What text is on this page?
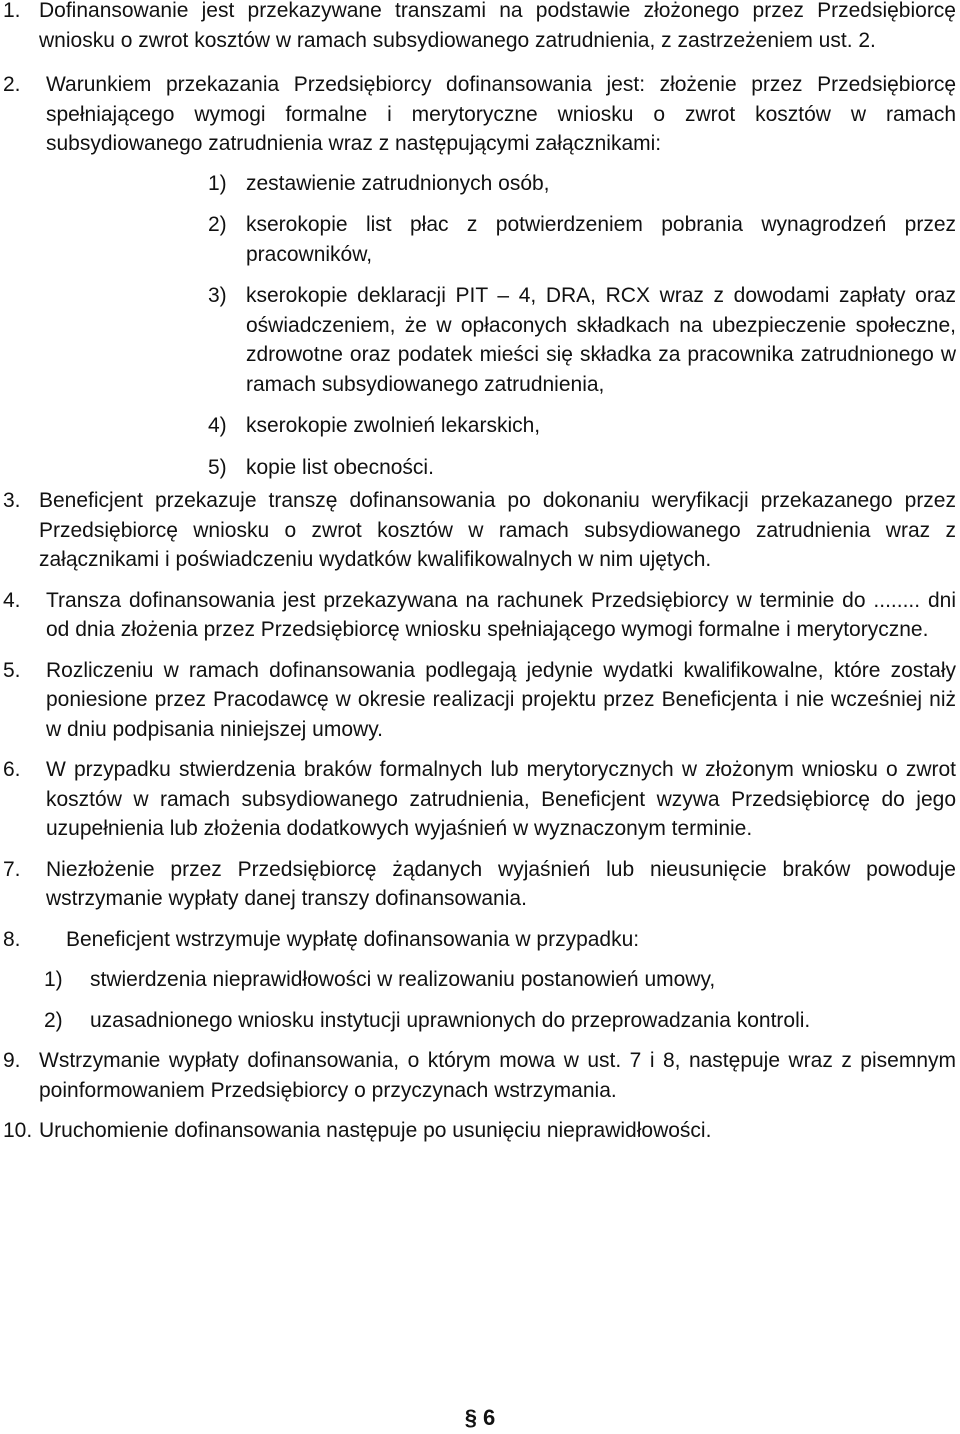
1. Dofinansowanie jest przekazywane transzami na podstawie złożonego przez Przedsiębiorcę wniosku o zwrot kosztów w ramach subsydiowanego zatrudnienia, z zastrzeżeniem ust. 2.
2.	Warunkiem przekazania Przedsiębiorcy dofinansowania jest: złożenie przez Przedsiębiorcę spełniającego wymogi formalne i merytoryczne wniosku o zwrot kosztów w ramach subsydiowanego zatrudnienia wraz z następującymi załącznikami:
1) zestawienie zatrudnionych osób,
2) kserokopie list płac z potwierdzeniem pobrania wynagrodzeń przez pracowników,
3) kserokopie deklaracji PIT – 4, DRA, RCX wraz z dowodami zapłaty oraz oświadczeniem, że w opłaconych składkach na ubezpieczenie społeczne, zdrowotne oraz podatek mieści się składka za pracownika zatrudnionego w ramach subsydiowanego zatrudnienia,
4) kserokopie zwolnień lekarskich,
5) kopie list obecności.
3. Beneficjent przekazuje transzę dofinansowania po dokonaniu weryfikacji przekazanego przez Przedsiębiorcę wniosku o zwrot kosztów w ramach subsydiowanego zatrudnienia wraz z załącznikami i poświadczeniu wydatków kwalifikowalnych w nim ujętych.
4.	Transza dofinansowania jest przekazywana na rachunek Przedsiębiorcy w terminie do ........ dni od dnia złożenia przez Przedsiębiorcę wniosku spełniającego wymogi formalne i merytoryczne.
5.	Rozliczeniu w ramach dofinansowania podlegają jedynie wydatki kwalifikowalne, które zostały poniesione przez Pracodawcę w okresie realizacji projektu przez Beneficjenta i nie wcześniej niż w dniu podpisania niniejszej umowy.
6.	W przypadku stwierdzenia braków formalnych lub merytorycznych w złożonym wniosku o zwrot kosztów w ramach subsydiowanego zatrudnienia, Beneficjent wzywa Przedsiębiorcę do jego uzupełnienia lub złożenia dodatkowych wyjaśnień w wyznaczonym terminie.
7.	Niezłożenie przez Przedsiębiorcę żądanych wyjaśnień lub nieusunięcie braków powoduje wstrzymanie wypłaty danej transzy dofinansowania.
8.	Beneficjent wstrzymuje wypłatę dofinansowania w przypadku:
1)	stwierdzenia nieprawidłowości w realizowaniu postanowień umowy,
2)	uzasadnionego wniosku instytucji uprawnionych do przeprowadzania kontroli.
9. Wstrzymanie wypłaty dofinansowania, o którym mowa w ust. 7 i 8, następuje wraz z pisemnym poinformowaniem Przedsiębiorcy o przyczynach wstrzymania.
10. Uruchomienie dofinansowania następuje po usunięciu nieprawidłowości.
§ 6
